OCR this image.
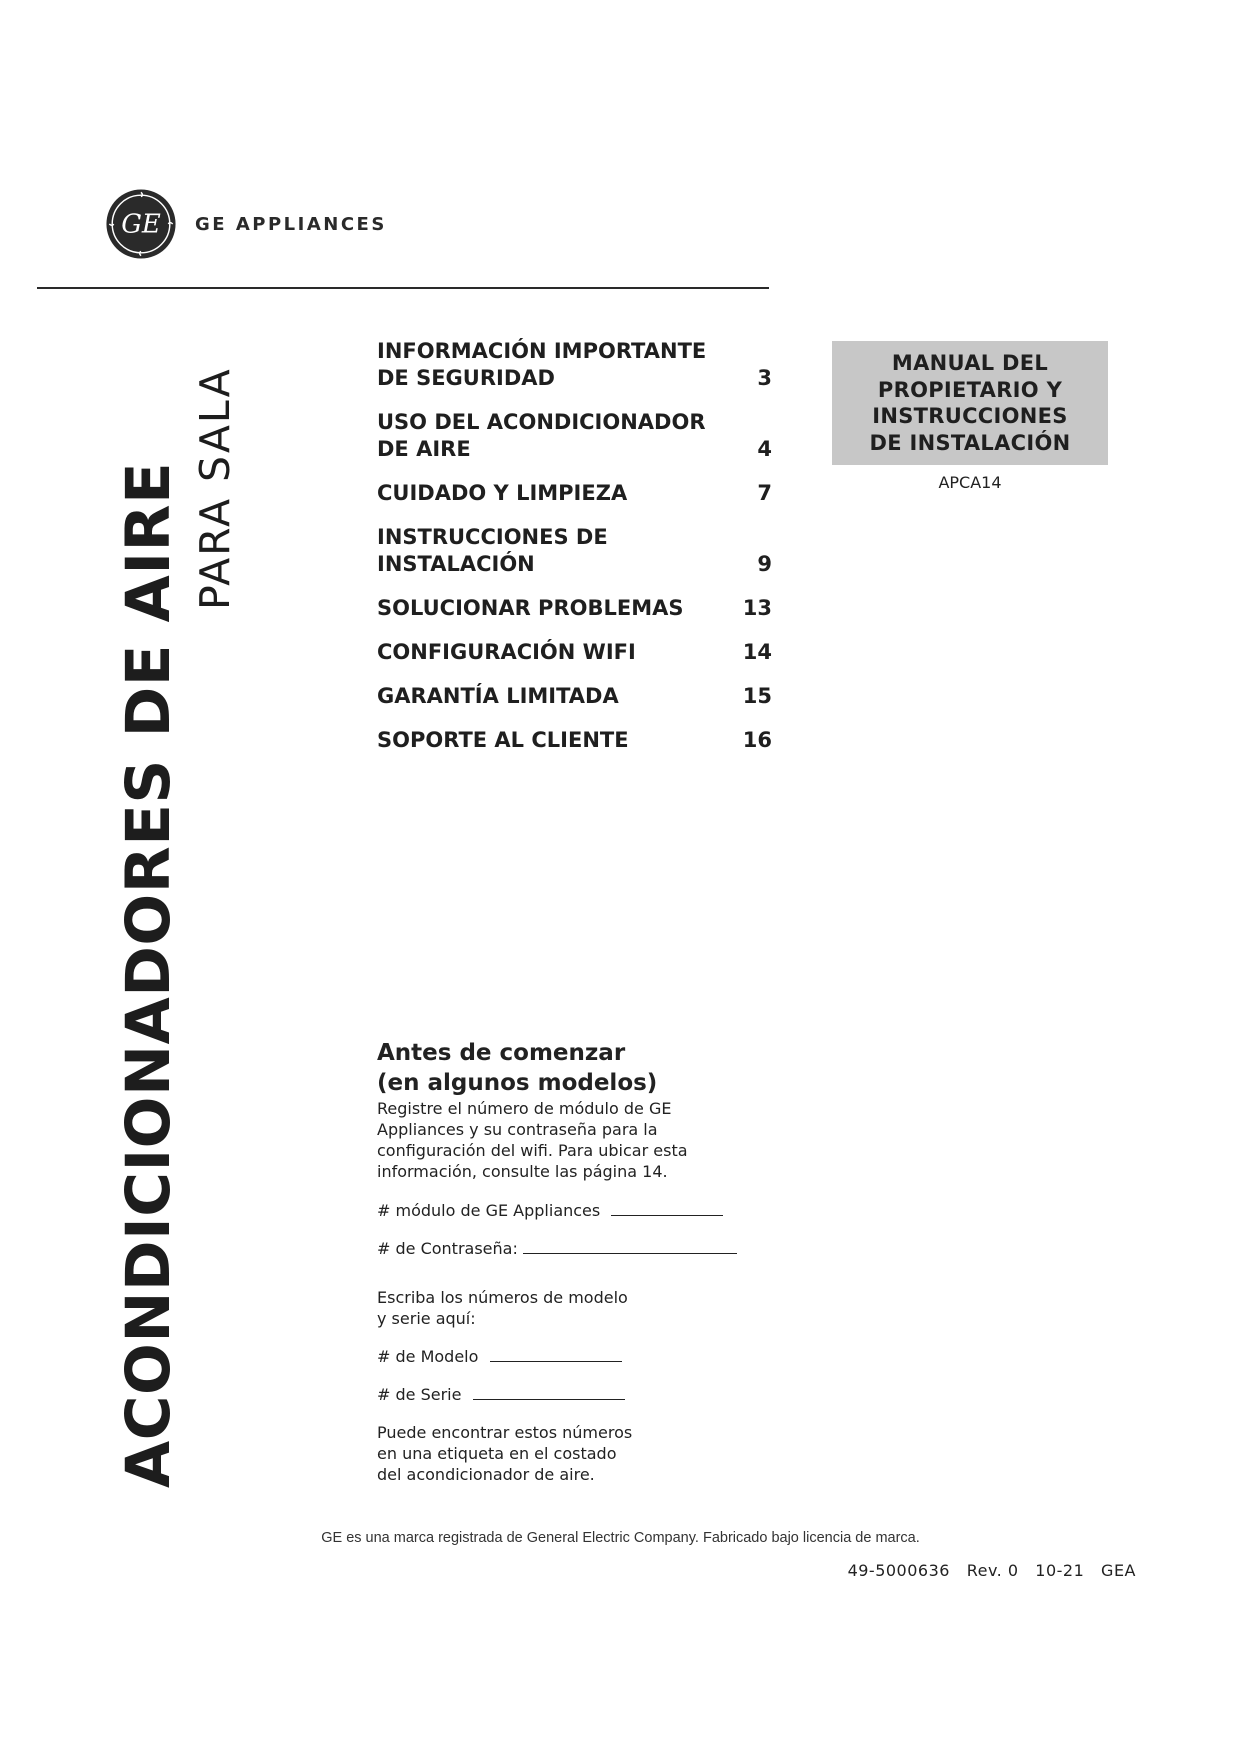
GE GE APPLIANCES
ACONDICIONADORES DE AIRE PARA SALA
INFORMACIÓN IMPORTANTE
DE SEGURIDAD	3
USO DEL ACONDICIONADOR
DE AIRE	4
CUIDADO Y LIMPIEZA	7
INSTRUCCIONES DE
INSTALACIÓN	9
SOLUCIONAR PROBLEMAS	13
CONFIGURACIÓN WIFI	14
GARANTÍA LIMITADA	15
SOPORTE AL CLIENTE	16
MANUAL DEL
PROPIETARIO Y
INSTRUCCIONES
DE INSTALACIÓN
APCA14
Antes de comenzar
(en algunos modelos)
Registre el número de módulo de GE
Appliances y su contraseña para la
configuración del wifi. Para ubicar esta
información, consulte las página 14.
# módulo de GE Appliances
# de Contraseña:
Escriba los números de modelo
y serie aquí:
# de Modelo
# de Serie
Puede encontrar estos números
en una etiqueta en el costado
del acondicionador de aire.
GE es una marca registrada de General Electric Company. Fabricado bajo licencia de marca.
49-5000636   Rev. 0   10-21   GEA
